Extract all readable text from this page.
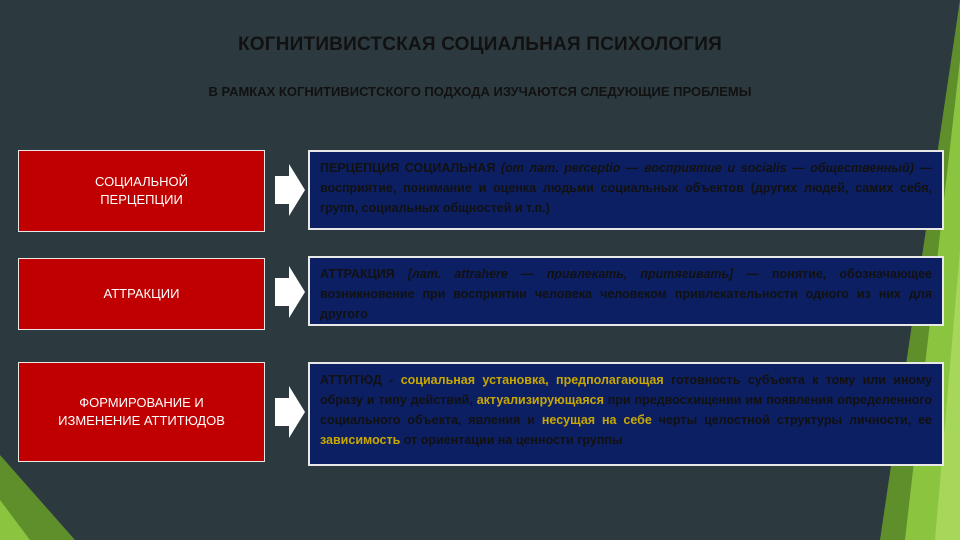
КОГНИТИВИСТСКАЯ СОЦИАЛЬНАЯ ПСИХОЛОГИЯ
В РАМКАХ КОГНИТИВИСТСКОГО ПОДХОДА ИЗУЧАЮТСЯ СЛЕДУЮЩИЕ ПРОБЛЕМЫ
СОЦИАЛЬНОЙ ПЕРЦЕПЦИИ
ПЕРЦЕПЦИЯ СОЦИАЛЬНАЯ (от лат. perceptio — восприятие и socialis — общественный) — восприятие, понимание и оценка людьми социальных объектов (других людей, самих себя, групп, социальных общностей и т.п.)
АТТРАКЦИИ
АТТРАКЦИЯ [лат. attrahere — привлекать, притягивать] — понятие, обозначающее возникновение при восприятии человека человеком привлекательности одного из них для другого
ФОРМИРОВАНИЕ И ИЗМЕНЕНИЕ АТТИТЮДОВ
АТТИТЮД - социальная установка, предполагающая готовность субъекта к тому или иному образу и типу действий, актуализирующаяся при предвосхищении им появления определенного социального объекта, явления и несущая на себе черты целостной структуры личности, ее зависимость от ориентации на ценности группы
